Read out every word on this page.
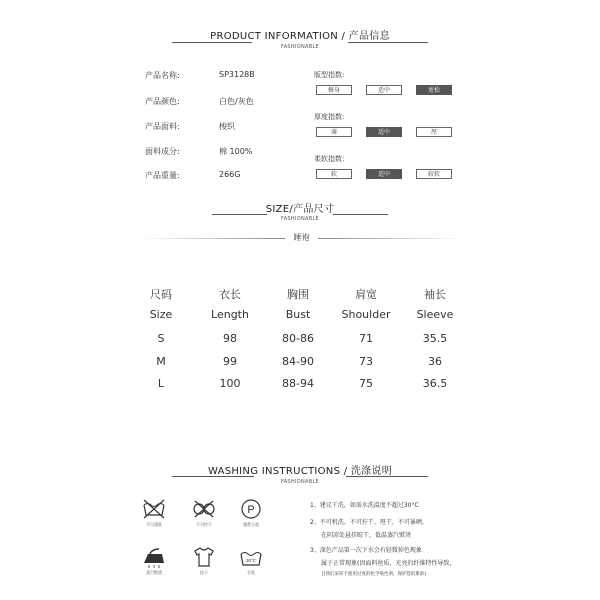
PRODUCT INFORMATION / 产品信息
FASHIONABLE
产品名称:	SP3128B
产品颜色:	白色/灰色
产品面料:	梭织
面料成分:	棉 100%
产品重量:	266G
版型指数:
修身	适中	宽松
厚度指数:
薄	适中	厚
柔软指数:
软	适中	较软
SIZE/产品尺寸
FASHIONABLE
睡袍
尺码	衣长	胸围	肩宽	袖长
Size	Length	Bust	Shoulder	Sleeve
S	98	80-86	71	35.5
M	99	84-90	73	36
L	100	88-94	75	36.5
WASHING INSTRUCTIONS / 洗涤说明
FASHIONABLE
不可漂洗	不可拧干
P
建帮干洗
蒸汽熨烫	挂干
30°C
手洗
1、建议干洗，如需水洗温度不超过30°C
2、不可机洗、不可拧干、甩干，不可暴晒，
在阴凉处悬挂晾干，低温蒸汽熨烫
3、深色产品第一次下水会有轻微掉色现象
属于正常现象(因面料丝质，光亮的纤维特性导致，
且我们采样不使用过度的化学染色剂，保护您的肌肤)
